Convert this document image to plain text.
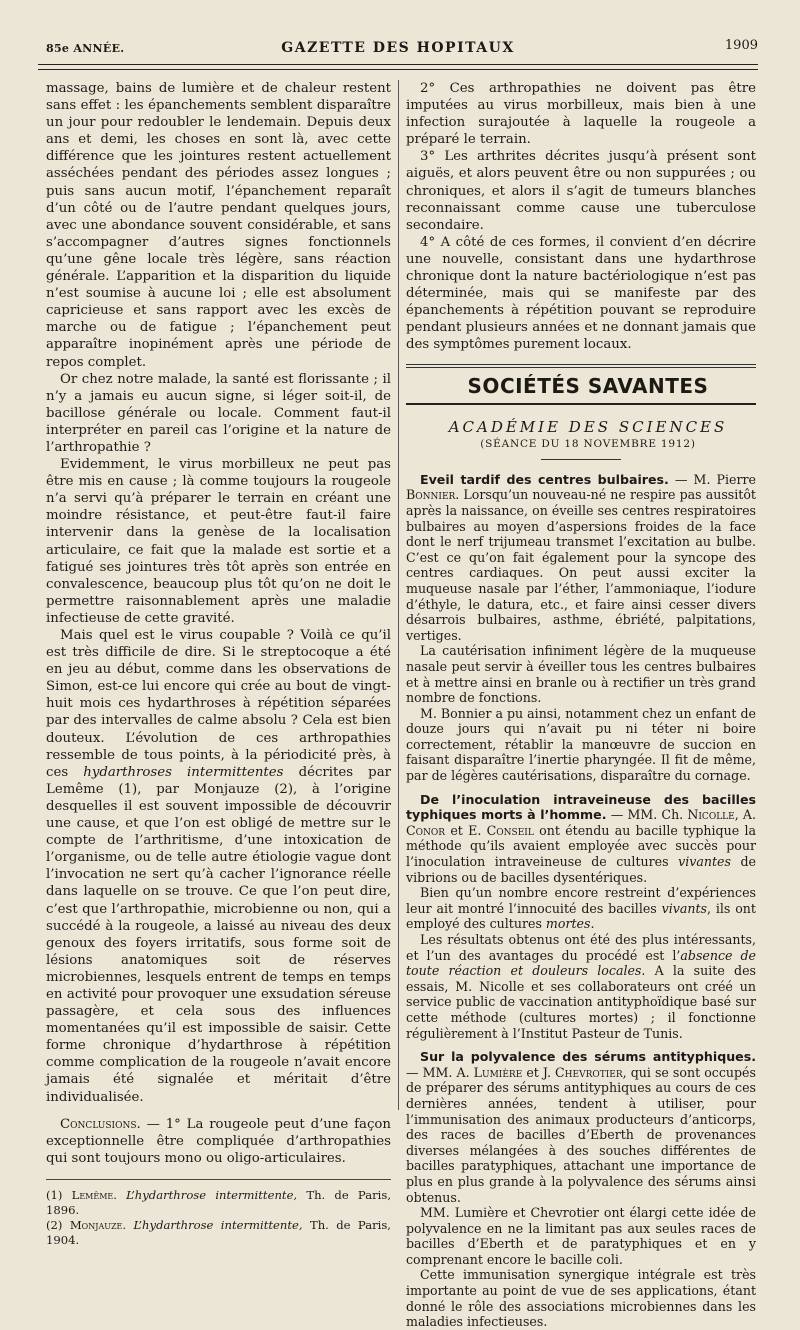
85e ANNÉE.	GAZETTE DES HOPITAUX	1909

massage, bains de lumière et de chaleur restent sans effet : les épanchements semblent disparaître un jour pour redoubler le lendemain. Depuis deux ans et demi, les choses en sont là, avec cette différence que les jointures restent actuellement asséchées pendant des périodes assez longues ; puis sans aucun motif, l’épanchement reparaît d’un côté ou de l’autre pendant quelques jours, avec une abondance souvent considérable, et sans s’accompagner d’autres signes fonctionnels qu’une gêne locale très légère, sans réaction générale. L’apparition et la disparition du liquide n’est soumise à aucune loi ; elle est absolument capricieuse et sans rapport avec les excès de marche ou de fatigue ; l’épanchement peut apparaître inopinément après une période de repos complet.

Or chez notre malade, la santé est florissante ; il n’y a jamais eu aucun signe, si léger soit-il, de bacillose générale ou locale. Comment faut-il interpréter en pareil cas l’origine et la nature de l’arthropathie ?

Evidemment, le virus morbilleux ne peut pas être mis en cause ; là comme toujours la rougeole n’a servi qu’à préparer le terrain en créant une moindre résistance, et peut-être faut-il faire intervenir dans la genèse de la localisation articulaire, ce fait que la malade est sortie et a fatigué ses jointures très tôt après son entrée en convalescence, beaucoup plus tôt qu’on ne doit le permettre raisonnablement après une maladie infectieuse de cette gravité.

Mais quel est le virus coupable ? Voilà ce qu’il est très difficile de dire. Si le streptocoque a été en jeu au début, comme dans les observations de Simon, est-ce lui encore qui crée au bout de vingt-huit mois ces hydarthroses à répétition séparées par des intervalles de calme absolu ? Cela est bien douteux. L’évolution de ces arthropathies ressemble de tous points, à la périodicité près, à ces hydarthroses intermittentes décrites par Lemême (1), par Monjauze (2), à l’origine desquelles il est souvent impossible de découvrir une cause, et que l’on est obligé de mettre sur le compte de l’arthritisme, d’une intoxication de l’organisme, ou de telle autre étiologie vague dont l’invocation ne sert qu’à cacher l’ignorance réelle dans laquelle on se trouve. Ce que l’on peut dire, c’est que l’arthropathie, microbienne ou non, qui a succédé à la rougeole, a laissé au niveau des deux genoux des foyers irritatifs, sous forme soit de lésions anatomiques soit de réserves microbiennes, lesquels entrent de temps en temps en activité pour provoquer une exsudation séreuse passagère, et cela sous des influences momentanées qu’il est impossible de saisir. Cette forme chronique d’hydarthrose à répétition comme complication de la rougeole n’avait encore jamais été signalée et méritait d’être individualisée.

Conclusions. — 1° La rougeole peut d’une façon exceptionnelle être compliquée d’arthropathies qui sont toujours mono ou oligo-articulaires.

(1) Lemême. L’hydarthrose intermittente, Th. de Paris, 1896.

(2) Monjauze. L’hydarthrose intermittente, Th. de Paris, 1904.

2° Ces arthropathies ne doivent pas être imputées au virus morbilleux, mais bien à une infection surajoutée à laquelle la rougeole a préparé le terrain.

3° Les arthrites décrites jusqu’à présent sont aiguës, et alors peuvent être ou non suppurées ; ou chroniques, et alors il s’agit de tumeurs blanches reconnaissant comme cause une tuberculose secondaire.

4° A côté de ces formes, il convient d’en décrire une nouvelle, consistant dans une hydarthrose chronique dont la nature bactériologique n’est pas déterminée, mais qui se manifeste par des épanchements à répétition pouvant se reproduire pendant plusieurs années et ne donnant jamais que des symptômes purement locaux.

SOCIÉTÉS SAVANTES

ACADÉMIE DES SCIENCES

(SÉANCE DU 18 NOVEMBRE 1912)

Eveil tardif des centres bulbaires. — M. Pierre Bonnier. Lorsqu’un nouveau-né ne respire pas aussitôt après la naissance, on éveille ses centres respiratoires bulbaires au moyen d’aspersions froides de la face dont le nerf trijumeau transmet l’excitation au bulbe. C’est ce qu’on fait également pour la syncope des centres cardiaques. On peut aussi exciter la muqueuse nasale par l’éther, l’ammoniaque, l’iodure d’éthyle, le datura, etc., et faire ainsi cesser divers désarrois bulbaires, asthme, ébriété, palpitations, vertiges.

La cautérisation infiniment légère de la muqueuse nasale peut servir à éveiller tous les centres bulbaires et à mettre ainsi en branle ou à rectifier un très grand nombre de fonctions.

M. Bonnier a pu ainsi, notamment chez un enfant de douze jours qui n’avait pu ni téter ni boire correctement, rétablir la manœuvre de succion en faisant disparaître l’inertie pharyngée. Il fit de même, par de légères cautérisations, disparaître du cornage.

De l’inoculation intraveineuse des bacilles typhiques morts à l’homme. — MM. Ch. Nicolle, A. Conor et E. Conseil ont étendu au bacille typhique la méthode qu’ils avaient employée avec succès pour l’inoculation intraveineuse de cultures vivantes de vibrions ou de bacilles dysentériques.

Bien qu’un nombre encore restreint d’expériences leur ait montré l’innocuité des bacilles vivants, ils ont employé des cultures mortes.

Les résultats obtenus ont été des plus intéressants, et l’un des avantages du procédé est l’absence de toute réaction et douleurs locales. A la suite des essais, M. Nicolle et ses collaborateurs ont créé un service public de vaccination antityphoïdique basé sur cette méthode (cultures mortes) ; il fonctionne régulièrement à l’Institut Pasteur de Tunis.

Sur la polyvalence des sérums antityphiques. — MM. A. Lumière et J. Chevrotier, qui se sont occupés de préparer des sérums antityphiques au cours de ces dernières années, tendent à utiliser, pour l’immunisation des animaux producteurs d’anticorps, des races de bacilles d’Eberth de provenances diverses mélangées à des souches différentes de bacilles paratyphiques, attachant une importance de plus en plus grande à la polyvalence des sérums ainsi obtenus.

MM. Lumière et Chevrotier ont élargi cette idée de polyvalence en ne la limitant pas aux seules races de bacilles d’Eberth et de paratyphiques et en y comprenant encore le bacille coli.

Cette immunisation synergique intégrale est très importante au point de vue de ses applications, étant donné le rôle des associations microbiennes dans les maladies infectieuses.
